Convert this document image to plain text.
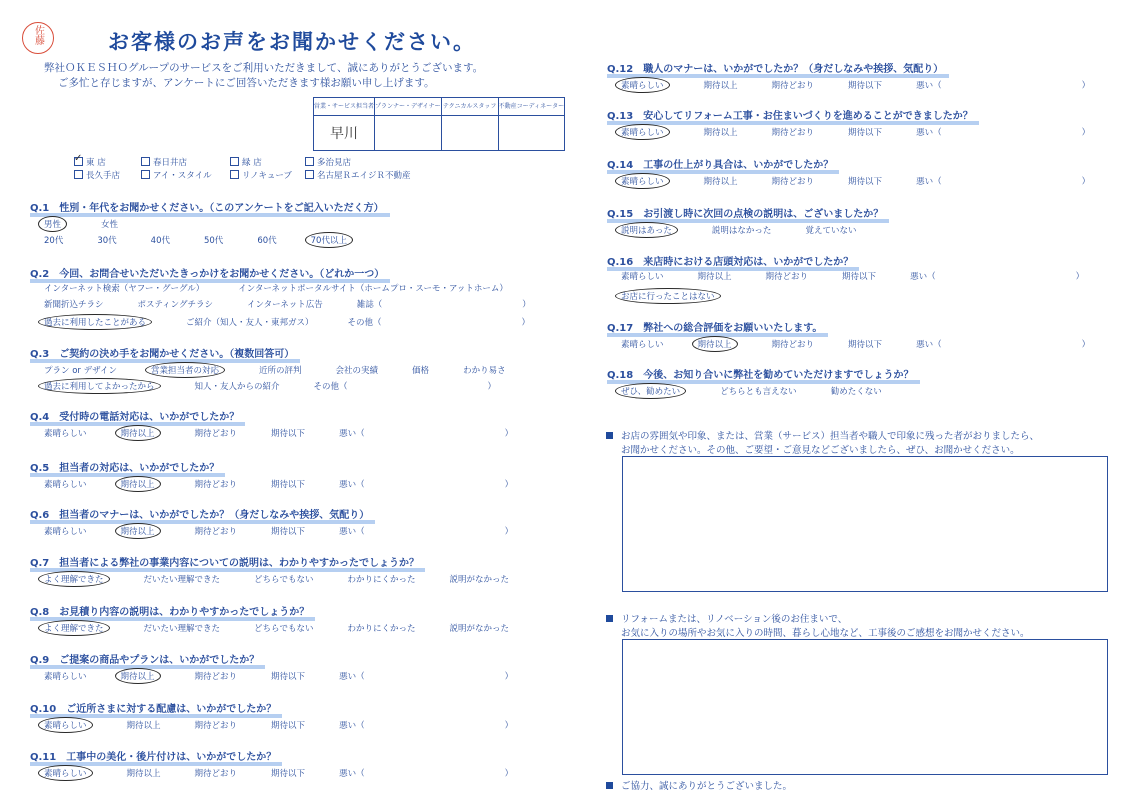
佐藤	お客様のお声をお聞かせください。
弊社ＯＫＥＳＨＯグループのサービスをご利用いただきまして、誠にありがとうございます。
ご多忙と存じますが、アンケートにご回答いただきます様お願い申し上げます。
営業・サービス担当者	プランナー・デザイナー	テクニカルスタッフ	不動産コーディネーター
早川			
✓東 店	春日井店	緑 店	多治見店
長久手店	アイ・スタイル	リノキューブ	名古屋ＲエイジＲ不動産
Q.1　性別・年代をお聞かせください。（このアンケートをご記入いただく方）
男性	女性
20代	30代	40代	50代	60代	70代以上
Q.2　今回、お問合せいただいたきっかけをお聞かせください。（どれか一つ）
インターネット検索（ヤフー・グーグル）	インターネットポータルサイト（ホームプロ・スーモ・アットホーム）
新聞折込チラシ	ポスティングチラシ	インターネット広告	雑誌（	）
過去に利用したことがある	ご紹介（知人・友人・東邦ガス）	その他（	）
Q.3　ご契約の決め手をお聞かせください。（複数回答可）
プラン or デザイン	営業担当者の対応	近所の評判	会社の実績	価格	わかり易さ
過去に利用してよかったから	知人・友人からの紹介	その他（	）
Q.4　受付時の電話対応は、いかがでしたか？
素晴らしい	期待以上	期待どおり	期待以下	悪い（	）
Q.5　担当者の対応は、いかがでしたか？
素晴らしい	期待以上	期待どおり	期待以下	悪い（	）
Q.6　担当者のマナーは、いかがでしたか？（身だしなみや挨拶、気配り）
素晴らしい	期待以上	期待どおり	期待以下	悪い（	）
Q.7　担当者による弊社の事業内容についての説明は、わかりやすかったでしょうか？
よく理解できた	だいたい理解できた	どちらでもない	わかりにくかった	説明がなかった
Q.8　お見積り内容の説明は、わかりやすかったでしょうか？
よく理解できた	だいたい理解できた	どちらでもない	わかりにくかった	説明がなかった
Q.9　ご提案の商品やプランは、いかがでしたか？
素晴らしい	期待以上	期待どおり	期待以下	悪い（	）
Q.10　ご近所さまに対する配慮は、いかがでしたか？
素晴らしい	期待以上	期待どおり	期待以下	悪い（	）
Q.11　工事中の美化・後片付けは、いかがでしたか？
素晴らしい	期待以上	期待どおり	期待以下	悪い（	）
Q.12　職人のマナーは、いかがでしたか？（身だしなみや挨拶、気配り）
素晴らしい	期待以上	期待どおり	期待以下	悪い（	）
Q.13　安心してリフォーム工事・お住まいづくりを進めることができましたか？
素晴らしい	期待以上	期待どおり	期待以下	悪い（	）
Q.14　工事の仕上がり具合は、いかがでしたか？
素晴らしい	期待以上	期待どおり	期待以下	悪い（	）
Q.15　お引渡し時に次回の点検の説明は、ございましたか？
説明はあった	説明はなかった	覚えていない
Q.16　来店時における店頭対応は、いかがでしたか？
素晴らしい	期待以上	期待どおり	期待以下	悪い（	）
お店に行ったことはない
Q.17　弊社への総合評価をお願いいたします。
素晴らしい	期待以上	期待どおり	期待以下	悪い（	）
Q.18　今後、お知り合いに弊社を勧めていただけますでしょうか？
ぜひ、勧めたい	どちらとも言えない	勧めたくない
お店の雰囲気や印象、または、営業（サービス）担当者や職人で印象に残った者がおりましたら、
お聞かせください。その他、ご要望・ご意見などございましたら、ぜひ、お聞かせください。
リフォームまたは、リノベーション後のお住まいで、
お気に入りの場所やお気に入りの時間、暮らし心地など、工事後のご感想をお聞かせください。
ご協力、誠にありがとうございました。
